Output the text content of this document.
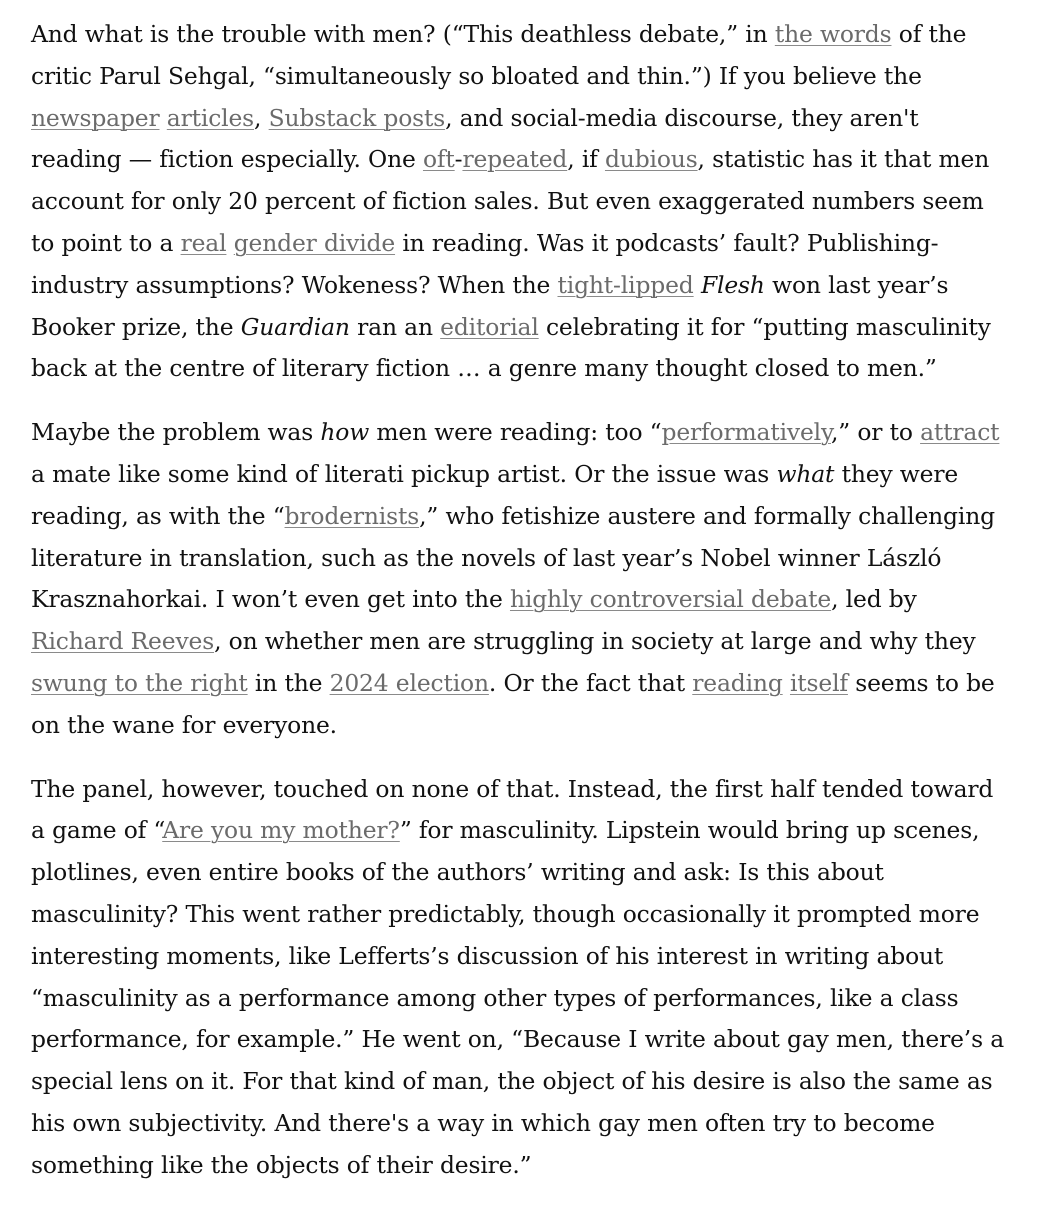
And what is the trouble with men? (“This deathless debate,” in the words of the
critic Parul Sehgal, “simultaneously so bloated and thin.”) If you believe the
newspaper articles, Substack posts, and social-media discourse, they aren't
reading — fiction especially. One oft-repeated, if dubious, statistic has it that men
account for only 20 percent of fiction sales. But even exaggerated numbers seem
to point to a real gender divide in reading. Was it podcasts’ fault? Publishing-
industry assumptions? Wokeness? When the tight-lipped Flesh won last year’s
Booker prize, the Guardian ran an editorial celebrating it for “putting masculinity
back at the centre of literary fiction … a genre many thought closed to men.”

Maybe the problem was how men were reading: too “performatively,” or to attract
a mate like some kind of literati pickup artist. Or the issue was what they were
reading, as with the “brodernists,” who fetishize austere and formally challenging
literature in translation, such as the novels of last year’s Nobel winner László
Krasznahorkai. I won’t even get into the highly controversial debate, led by
Richard Reeves, on whether men are struggling in society at large and why they
swung to the right in the 2024 election. Or the fact that reading itself seems to be
on the wane for everyone.

The panel, however, touched on none of that. Instead, the first half tended toward
a game of “Are you my mother?” for masculinity. Lipstein would bring up scenes,
plotlines, even entire books of the authors’ writing and ask: Is this about
masculinity? This went rather predictably, though occasionally it prompted more
interesting moments, like Lefferts’s discussion of his interest in writing about
“masculinity as a performance among other types of performances, like a class
performance, for example.” He went on, “Because I write about gay men, there’s a
special lens on it. For that kind of man, the object of his desire is also the same as
his own subjectivity. And there's a way in which gay men often try to become
something like the objects of their desire.”
